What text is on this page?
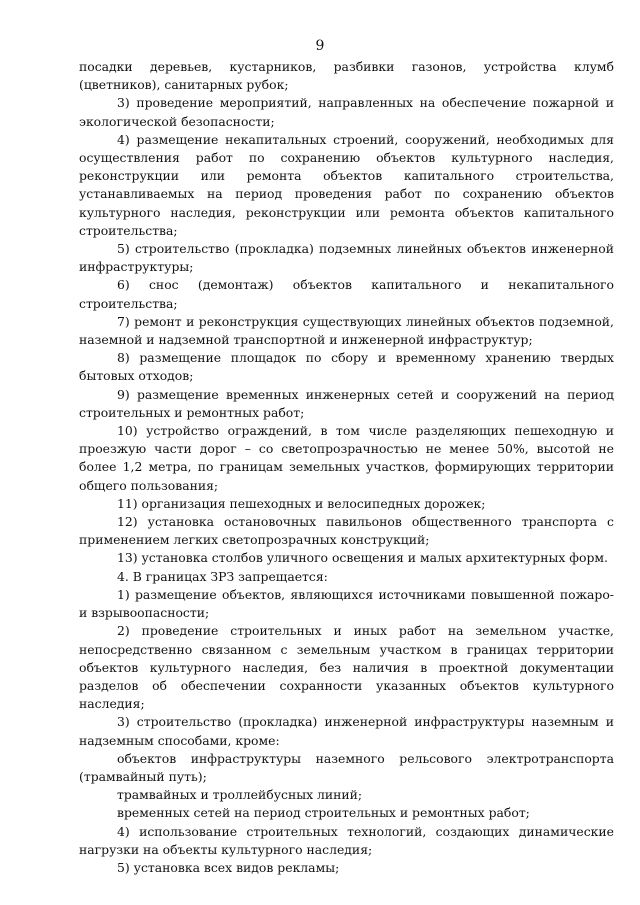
9

посадки деревьев, кустарников, разбивки газонов, устройства клумб (цветников), санитарных рубок;

3) проведение мероприятий, направленных на обеспечение пожарной и экологической безопасности;

4) размещение некапитальных строений, сооружений, необходимых для осуществления работ по сохранению объектов культурного наследия, реконструкции или ремонта объектов капитального строительства, устанавливаемых на период проведения работ по сохранению объектов культурного наследия, реконструкции или ремонта объектов капитального строительства;

5) строительство (прокладка) подземных линейных объектов инженерной инфраструктуры;

6) снос (демонтаж) объектов капитального и некапитального строительства;

7) ремонт и реконструкция существующих линейных объектов подземной, наземной и надземной транспортной и инженерной инфраструктур;

8) размещение площадок по сбору и временному хранению твердых бытовых отходов;

9) размещение временных инженерных сетей и сооружений на период строительных и ремонтных работ;

10) устройство ограждений, в том числе разделяющих пешеходную и проезжую части дорог – со светопрозрачностью не менее 50%, высотой не более 1,2 метра, по границам земельных участков, формирующих территории общего пользования;

11) организация пешеходных и велосипедных дорожек;

12) установка остановочных павильонов общественного транспорта с применением легких светопрозрачных конструкций;

13) установка столбов уличного освещения и малых архитектурных форм.

4. В границах ЗРЗ запрещается:

1) размещение объектов, являющихся источниками повышенной пожаро- и взрывоопасности;

2) проведение строительных и иных работ на земельном участке, непосредственно связанном с земельным участком в границах территории объектов культурного наследия, без наличия в проектной документации разделов об обеспечении сохранности указанных объектов культурного наследия;

3) строительство (прокладка) инженерной инфраструктуры наземным и надземным способами, кроме:

объектов инфраструктуры наземного рельсового электротранспорта (трамвайный путь);

трамвайных и троллейбусных линий;

временных сетей на период строительных и ремонтных работ;

4) использование строительных технологий, создающих динамические нагрузки на объекты культурного наследия;

5) установка всех видов рекламы;
